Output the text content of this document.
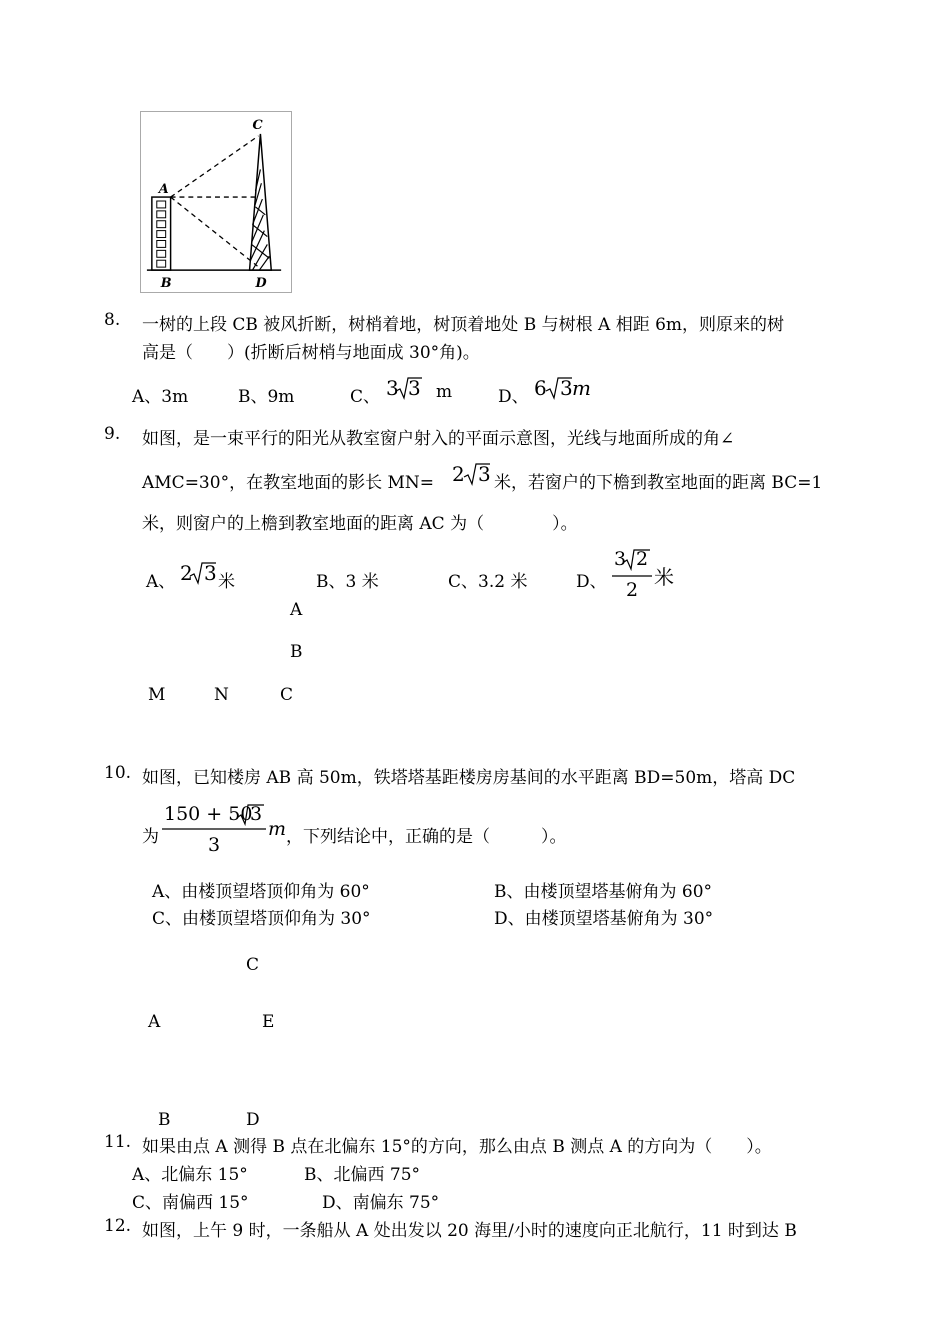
C
A
B	D
8. 一树的上段 CB 被风折断，树梢着地，树顶着地处 B 与树根 A 相距 6m，则原来的树
高是（　　）(折断后树梢与地面成 30°角)。
A、3m	B、9m	C、 3 3 m	D、 6 3 m
9. 如图，是一束平行的阳光从教室窗户射入的平面示意图，光线与地面所成的角∠
AMC=30°，在教室地面的影长 MN= 2 3 米，若窗户的下檐到教室地面的距离 BC=1
米，则窗户的上檐到教室地面的距离 AC 为（　　　　）。
A、 2 3 米	B、3 米	C、3.2 米	D、
3 2
2
米
A
B
M	N	C
10. 如图，已知楼房 AB 高 50m，铁塔塔基距楼房房基间的水平距离 BD=50m，塔高 DC
为
150 + 50
3
3
m ，下列结论中，正确的是（　　　）。
A、由楼顶望塔顶仰角为 60°	B、由楼顶望塔基俯角为 60°
C、由楼顶望塔顶仰角为 30°	D、由楼顶望塔基俯角为 30°
C
A	E
B	D
11. 如果由点 A 测得 B 点在北偏东 15°的方向，那么由点 B 测点 A 的方向为（　　）。
A、北偏东 15°	B、北偏西 75°
C、南偏西 15°	D、南偏东 75°
12. 如图，上午 9 时，一条船从 A 处出发以 20 海里/小时的速度向正北航行，11 时到达 B
